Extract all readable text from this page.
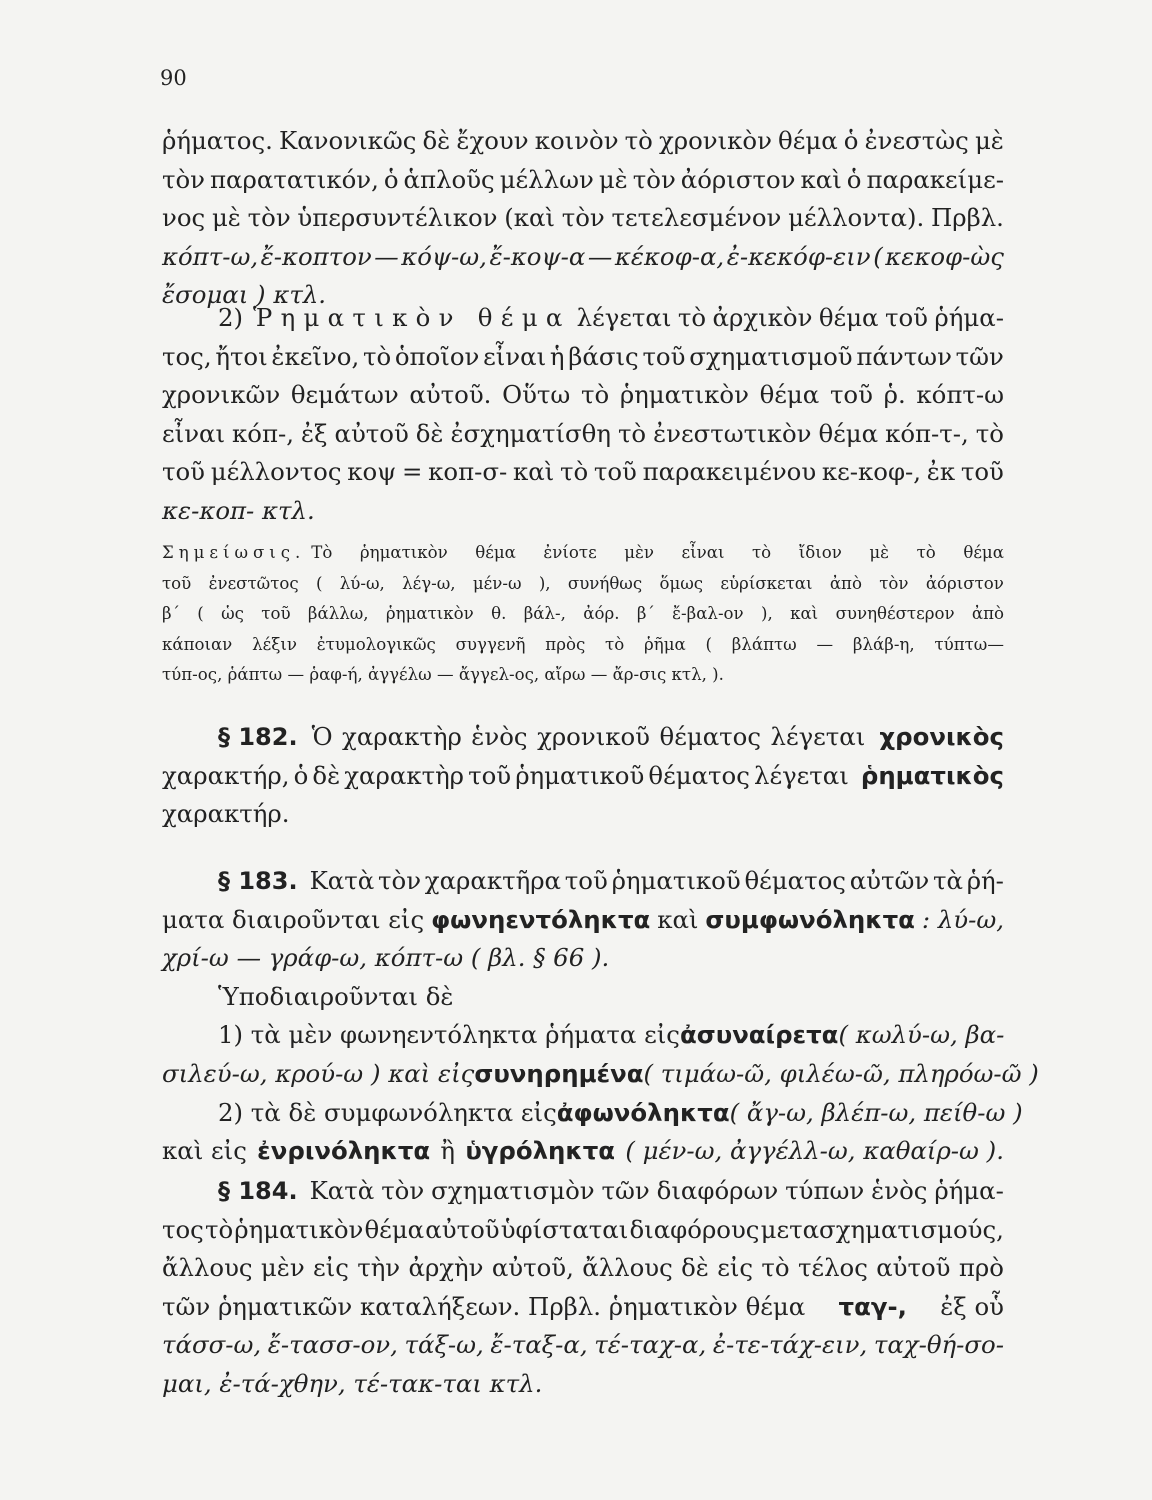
90
ῥήματος. Κανονικῶς δὲ ἔχουν κοινὸν τὸ χρονικὸν θέμα ὁ ἐνεστὼς μὲ
τὸν παρατατικόν, ὁ ἁπλοῦς μέλλων μὲ τὸν ἀόριστον καὶ ὁ παρακείμε-
νος μὲ τὸν ὑπερσυντέλικον (καὶ τὸν τετελεσμένον μέλλοντα). Πρβλ.
κόπτ-ω, ἔ-κοπτον — κόψ-ω, ἔ-κοψ-α — κέκοφ-α, ἐ-κεκόφ-ειν ( κεκοφ-ὼς
ἔσομαι ) κτλ.
2) Ῥηματικὸν θέμα λέγεται τὸ ἀρχικὸν θέμα τοῦ ῥήμα-
τος, ἤτοι ἐκεῖνο, τὸ ὁποῖον εἶναι ἡ βάσις τοῦ σχηματισμοῦ πάντων τῶν
χρονικῶν θεμάτων αὐτοῦ. Οὕτω τὸ ῥηματικὸν θέμα τοῦ ῥ. κόπτ-ω
εἶναι κόπ-, ἐξ αὐτοῦ δὲ ἐσχηματίσθη τὸ ἐνεστωτικὸν θέμα κόπ-τ-, τὸ
τοῦ μέλλοντος κοψ = κοπ-σ- καὶ τὸ τοῦ παρακειμένου κε-κοφ-, ἐκ τοῦ
κε-κοπ- κτλ.
Σημείωσις. Τὸ ῥηματικὸν θέμα ἐνίοτε μὲν εἶναι τὸ ἴδιον μὲ τὸ θέμα
τοῦ ἐνεστῶτος ( λύ-ω, λέγ-ω, μέν-ω ), συνήθως ὅμως εὑρίσκεται ἀπὸ τὸν ἀόριστον
β΄ ( ὡς τοῦ βάλλω, ῥηματικὸν θ. βάλ-, ἀόρ. β΄ ἔ-βαλ-ον ), καὶ συνηθέστερον ἀπὸ
κάποιαν λέξιν ἐτυμολογικῶς συγγενῆ πρὸς τὸ ῥῆμα ( βλάπτω — βλάβ-η, τύπτω—
τύπ-ος, ῥάπτω — ῥαφ-ή, ἀγγέλω — ἄγγελ-ος, αἴρω — ἄρ-σις κτλ, ).
§ 182. Ὁ χαρακτὴρ ἑνὸς χρονικοῦ θέματος λέγεται χρονικὸς
χαρακτήρ, ὁ δὲ χαρακτὴρ τοῦ ῥηματικοῦ θέματος λέγεται ῥηματικὸς
χαρακτήρ.
§ 183. Κατὰ τὸν χαρακτῆρα τοῦ ῥηματικοῦ θέματος αὐτῶν τὰ ῥή-
ματα διαιροῦνται εἰς φωνηεντόληκτα καὶ συμφωνόληκτα : λύ-ω,
χρί-ω — γράφ-ω, κόπτ-ω ( βλ. § 66 ).
Ὑποδιαιροῦνται δὲ
1) τὰ μὲν φωνηεντόληκτα ῥήματα εἰς ἀσυναίρετα ( κωλύ-ω, βα-
σιλεύ-ω, κρού-ω ) καὶ εἰς συνηρημένα ( τιμάω-ῶ, φιλέω-ῶ, πληρόω-ῶ )
2) τὰ δὲ συμφωνόληκτα εἰς ἀφωνόληκτα ( ἄγ-ω, βλέπ-ω, πείθ-ω )
καὶ εἰς ἐνρινόληκτα ἢ ὑγρόληκτα ( μέν-ω, ἀγγέλλ-ω, καθαίρ-ω ).
§ 184. Κατὰ τὸν σχηματισμὸν τῶν διαφόρων τύπων ἑνὸς ῥήμα-
τος τὸ ῥηματικὸν θέμα αὐτοῦ ὑφίσταται διαφόρους μετασχηματισμούς,
ἄλλους μὲν εἰς τὴν ἀρχὴν αὐτοῦ, ἄλλους δὲ εἰς τὸ τέλος αὐτοῦ πρὸ
τῶν ῥηματικῶν καταλήξεων. Πρβλ. ῥηματικὸν θέμα ταγ-, ἐξ οὗ
τάσσ-ω, ἔ-τασσ-ον, τάξ-ω, ἔ-ταξ-α, τέ-ταχ-α, ἐ-τε-τάχ-ειν, ταχ-θή-σο-
μαι, ἐ-τά-χθην, τέ-τακ-ται κτλ.
